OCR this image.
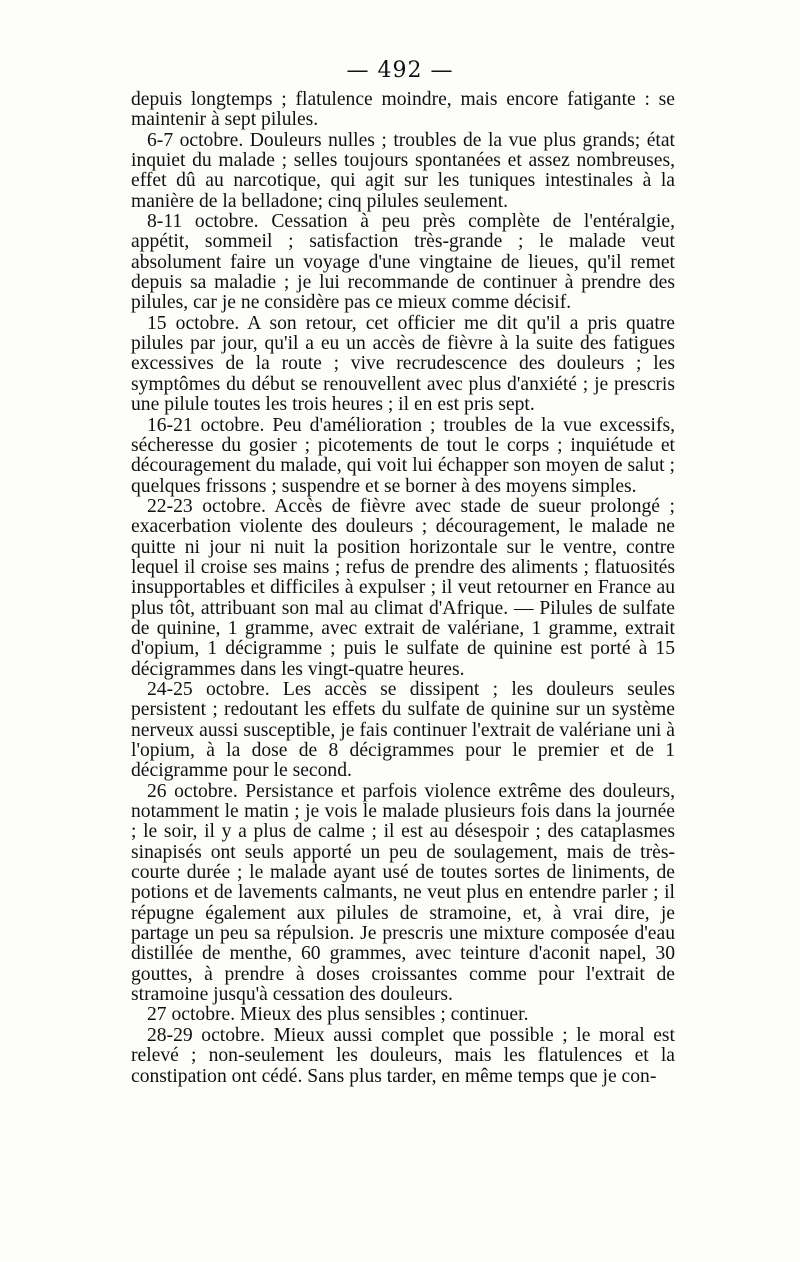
— 492 —

depuis longtemps ; flatulence moindre, mais encore fatigante : se maintenir à sept pilules.

6-7 octobre. Douleurs nulles ; troubles de la vue plus grands; état inquiet du malade ; selles toujours spontanées et assez nombreuses, effet dû au narcotique, qui agit sur les tuniques intestinales à la manière de la belladone; cinq pilules seulement.

8-11 octobre. Cessation à peu près complète de l'entéralgie, appétit, sommeil ; satisfaction très-grande ; le malade veut absolument faire un voyage d'une vingtaine de lieues, qu'il remet depuis sa maladie ; je lui recommande de continuer à prendre des pilules, car je ne considère pas ce mieux comme décisif.

15 octobre. A son retour, cet officier me dit qu'il a pris quatre pilules par jour, qu'il a eu un accès de fièvre à la suite des fatigues excessives de la route ; vive recrudescence des douleurs ; les symptômes du début se renouvellent avec plus d'anxiété ; je prescris une pilule toutes les trois heures ; il en est pris sept.

16-21 octobre. Peu d'amélioration ; troubles de la vue excessifs, sécheresse du gosier ; picotements de tout le corps ; inquiétude et découragement du malade, qui voit lui échapper son moyen de salut ; quelques frissons ; suspendre et se borner à des moyens simples.

22-23 octobre. Accès de fièvre avec stade de sueur prolongé ; exacerbation violente des douleurs ; découragement, le malade ne quitte ni jour ni nuit la position horizontale sur le ventre, contre lequel il croise ses mains ; refus de prendre des aliments ; flatuosités insupportables et difficiles à expulser ; il veut retourner en France au plus tôt, attribuant son mal au climat d'Afrique. — Pilules de sulfate de quinine, 1 gramme, avec extrait de valériane, 1 gramme, extrait d'opium, 1 décigramme ; puis le sulfate de quinine est porté à 15 décigrammes dans les vingt-quatre heures.

24-25 octobre. Les accès se dissipent ; les douleurs seules persistent ; redoutant les effets du sulfate de quinine sur un système nerveux aussi susceptible, je fais continuer l'extrait de valériane uni à l'opium, à la dose de 8 décigrammes pour le premier et de 1 décigramme pour le second.

26 octobre. Persistance et parfois violence extrême des douleurs, notamment le matin ; je vois le malade plusieurs fois dans la journée ; le soir, il y a plus de calme ; il est au désespoir ; des cataplasmes sinapisés ont seuls apporté un peu de soulagement, mais de très-courte durée ; le malade ayant usé de toutes sortes de liniments, de potions et de lavements calmants, ne veut plus en entendre parler ; il répugne également aux pilules de stramoine, et, à vrai dire, je partage un peu sa répulsion. Je prescris une mixture composée d'eau distillée de menthe, 60 grammes, avec teinture d'aconit napel, 30 gouttes, à prendre à doses croissantes comme pour l'extrait de stramoine jusqu'à cessation des douleurs.

27 octobre. Mieux des plus sensibles ; continuer.

28-29 octobre. Mieux aussi complet que possible ; le moral est relevé ; non-seulement les douleurs, mais les flatulences et la constipation ont cédé. Sans plus tarder, en même temps que je con-
